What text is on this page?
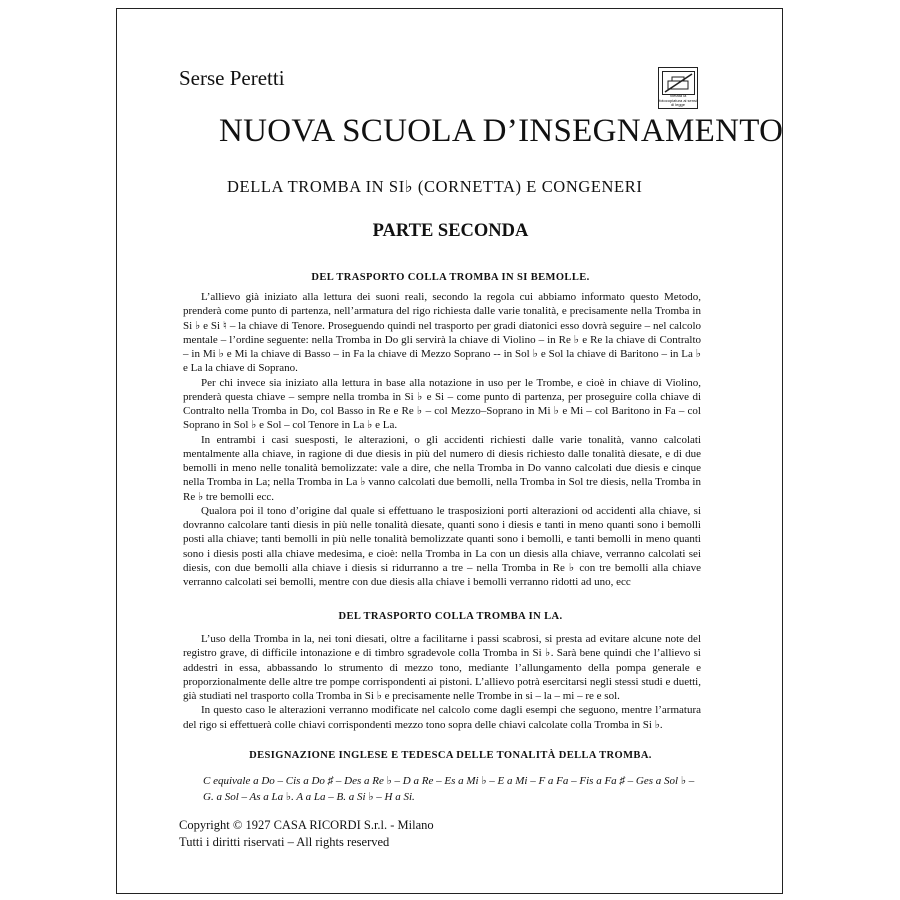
Serse Peretti
Vietata la fotocopiatura ai sensi di legge
NUOVA SCUOLA D’INSEGNAMENTO
DELLA TROMBA IN SI♭ (CORNETTA) E CONGENERI
PARTE SECONDA
DEL TRASPORTO COLLA TROMBA IN SI BEMOLLE.

L’allievo già iniziato alla lettura dei suoni reali, secondo la regola cui abbiamo informato questo Metodo, prenderà come punto di partenza, nell’armatura del rigo richiesta dalle varie tonalità, e precisamente nella Tromba in Si ♭ e Si ♮ – la chiave di Tenore. Proseguendo quindi nel trasporto per gradi diatonici esso dovrà seguire – nel calcolo mentale – l’ordine seguente: nella Tromba in Do gli servirà la chiave di Violino – in Re ♭ e Re la chiave di Contralto – in Mi ♭ e Mi la chiave di Basso – in Fa la chiave di Mezzo Soprano -- in Sol ♭ e Sol la chiave di Baritono – in La ♭ e La la chiave di Soprano.

Per chi invece sia iniziato alla lettura in base alla notazione in uso per le Trombe, e cioè in chiave di Violino, prenderà questa chiave – sempre nella tromba in Si ♭ e Si – come punto di partenza, per proseguire colla chiave di Contralto nella Tromba in Do, col Basso in Re e Re ♭ – col Mezzo–Soprano in Mi ♭ e Mi – col Baritono in Fa – col Soprano in Sol ♭ e Sol – col Tenore in La ♭ e La.

In entrambi i casi suesposti, le alterazioni, o gli accidenti richiesti dalle varie tonalità, vanno calcolati mentalmente alla chiave, in ragione di due diesis in più del numero di diesis richiesto dalle tonalità diesate, e di due bemolli in meno nelle tonalità bemolizzate: vale a dire, che nella Tromba in Do vanno calcolati due diesis e cinque nella Tromba in La; nella Tromba in La ♭ vanno calcolati due bemolli, nella Tromba in Sol tre diesis, nella Tromba in Re ♭ tre bemolli ecc.

Qualora poi il tono d’origine dal quale si effettuano le trasposizioni porti alterazioni od accidenti alla chiave, si dovranno calcolare tanti diesis in più nelle tonalità diesate, quanti sono i diesis e tanti in meno quanti sono i bemolli posti alla chiave; tanti bemolli in più nelle tonalità bemolizzate quanti sono i bemolli, e tanti bemolli in meno quanti sono i diesis posti alla chiave medesima, e cioè: nella Tromba in La con un diesis alla chiave, verranno calcolati sei diesis, con due bemolli alla chiave i diesis si ridurranno a tre – nella Tromba in Re ♭ con tre bemolli alla chiave verranno calcolati sei bemolli, mentre con due diesis alla chiave i bemolli verranno ridotti ad uno, ecc

DEL TRASPORTO COLLA TROMBA IN LA.

L’uso della Tromba in la, nei toni diesati, oltre a facilitarne i passi scabrosi, si presta ad evitare alcune note del registro grave, di difficile intonazione e di timbro sgradevole colla Tromba in Si ♭. Sarà bene quindi che l’allievo si addestri in essa, abbassando lo strumento di mezzo tono, mediante l’allungamento della pompa generale e proporzionalmente delle altre tre pompe corrispondenti ai pistoni. L’allievo potrà esercitarsi negli stessi studi e duetti, già studiati nel trasporto colla Tromba in Si ♭ e precisamente nelle Trombe in si – la – mi – re e sol.

In questo caso le alterazioni verranno modificate nel calcolo come dagli esempi che seguono, mentre l’armatura del rigo si effettuerà colle chiavi corrispondenti mezzo tono sopra delle chiavi calcolate colla Tromba in Si ♭.

DESIGNAZIONE INGLESE E TEDESCA DELLE TONALITÀ DELLA TROMBA.
C equivale a Do – Cis a Do ♯ – Des a Re ♭ – D a Re – Es a Mi ♭ – E a Mi – F a Fa – Fis a Fa ♯ – Ges a Sol ♭ – G. a Sol – As a La ♭. A a La – B. a Si ♭ – H a Si.
Copyright © 1927 CASA RICORDI S.r.l. - Milano
Tutti i diritti riservati – All rights reserved
